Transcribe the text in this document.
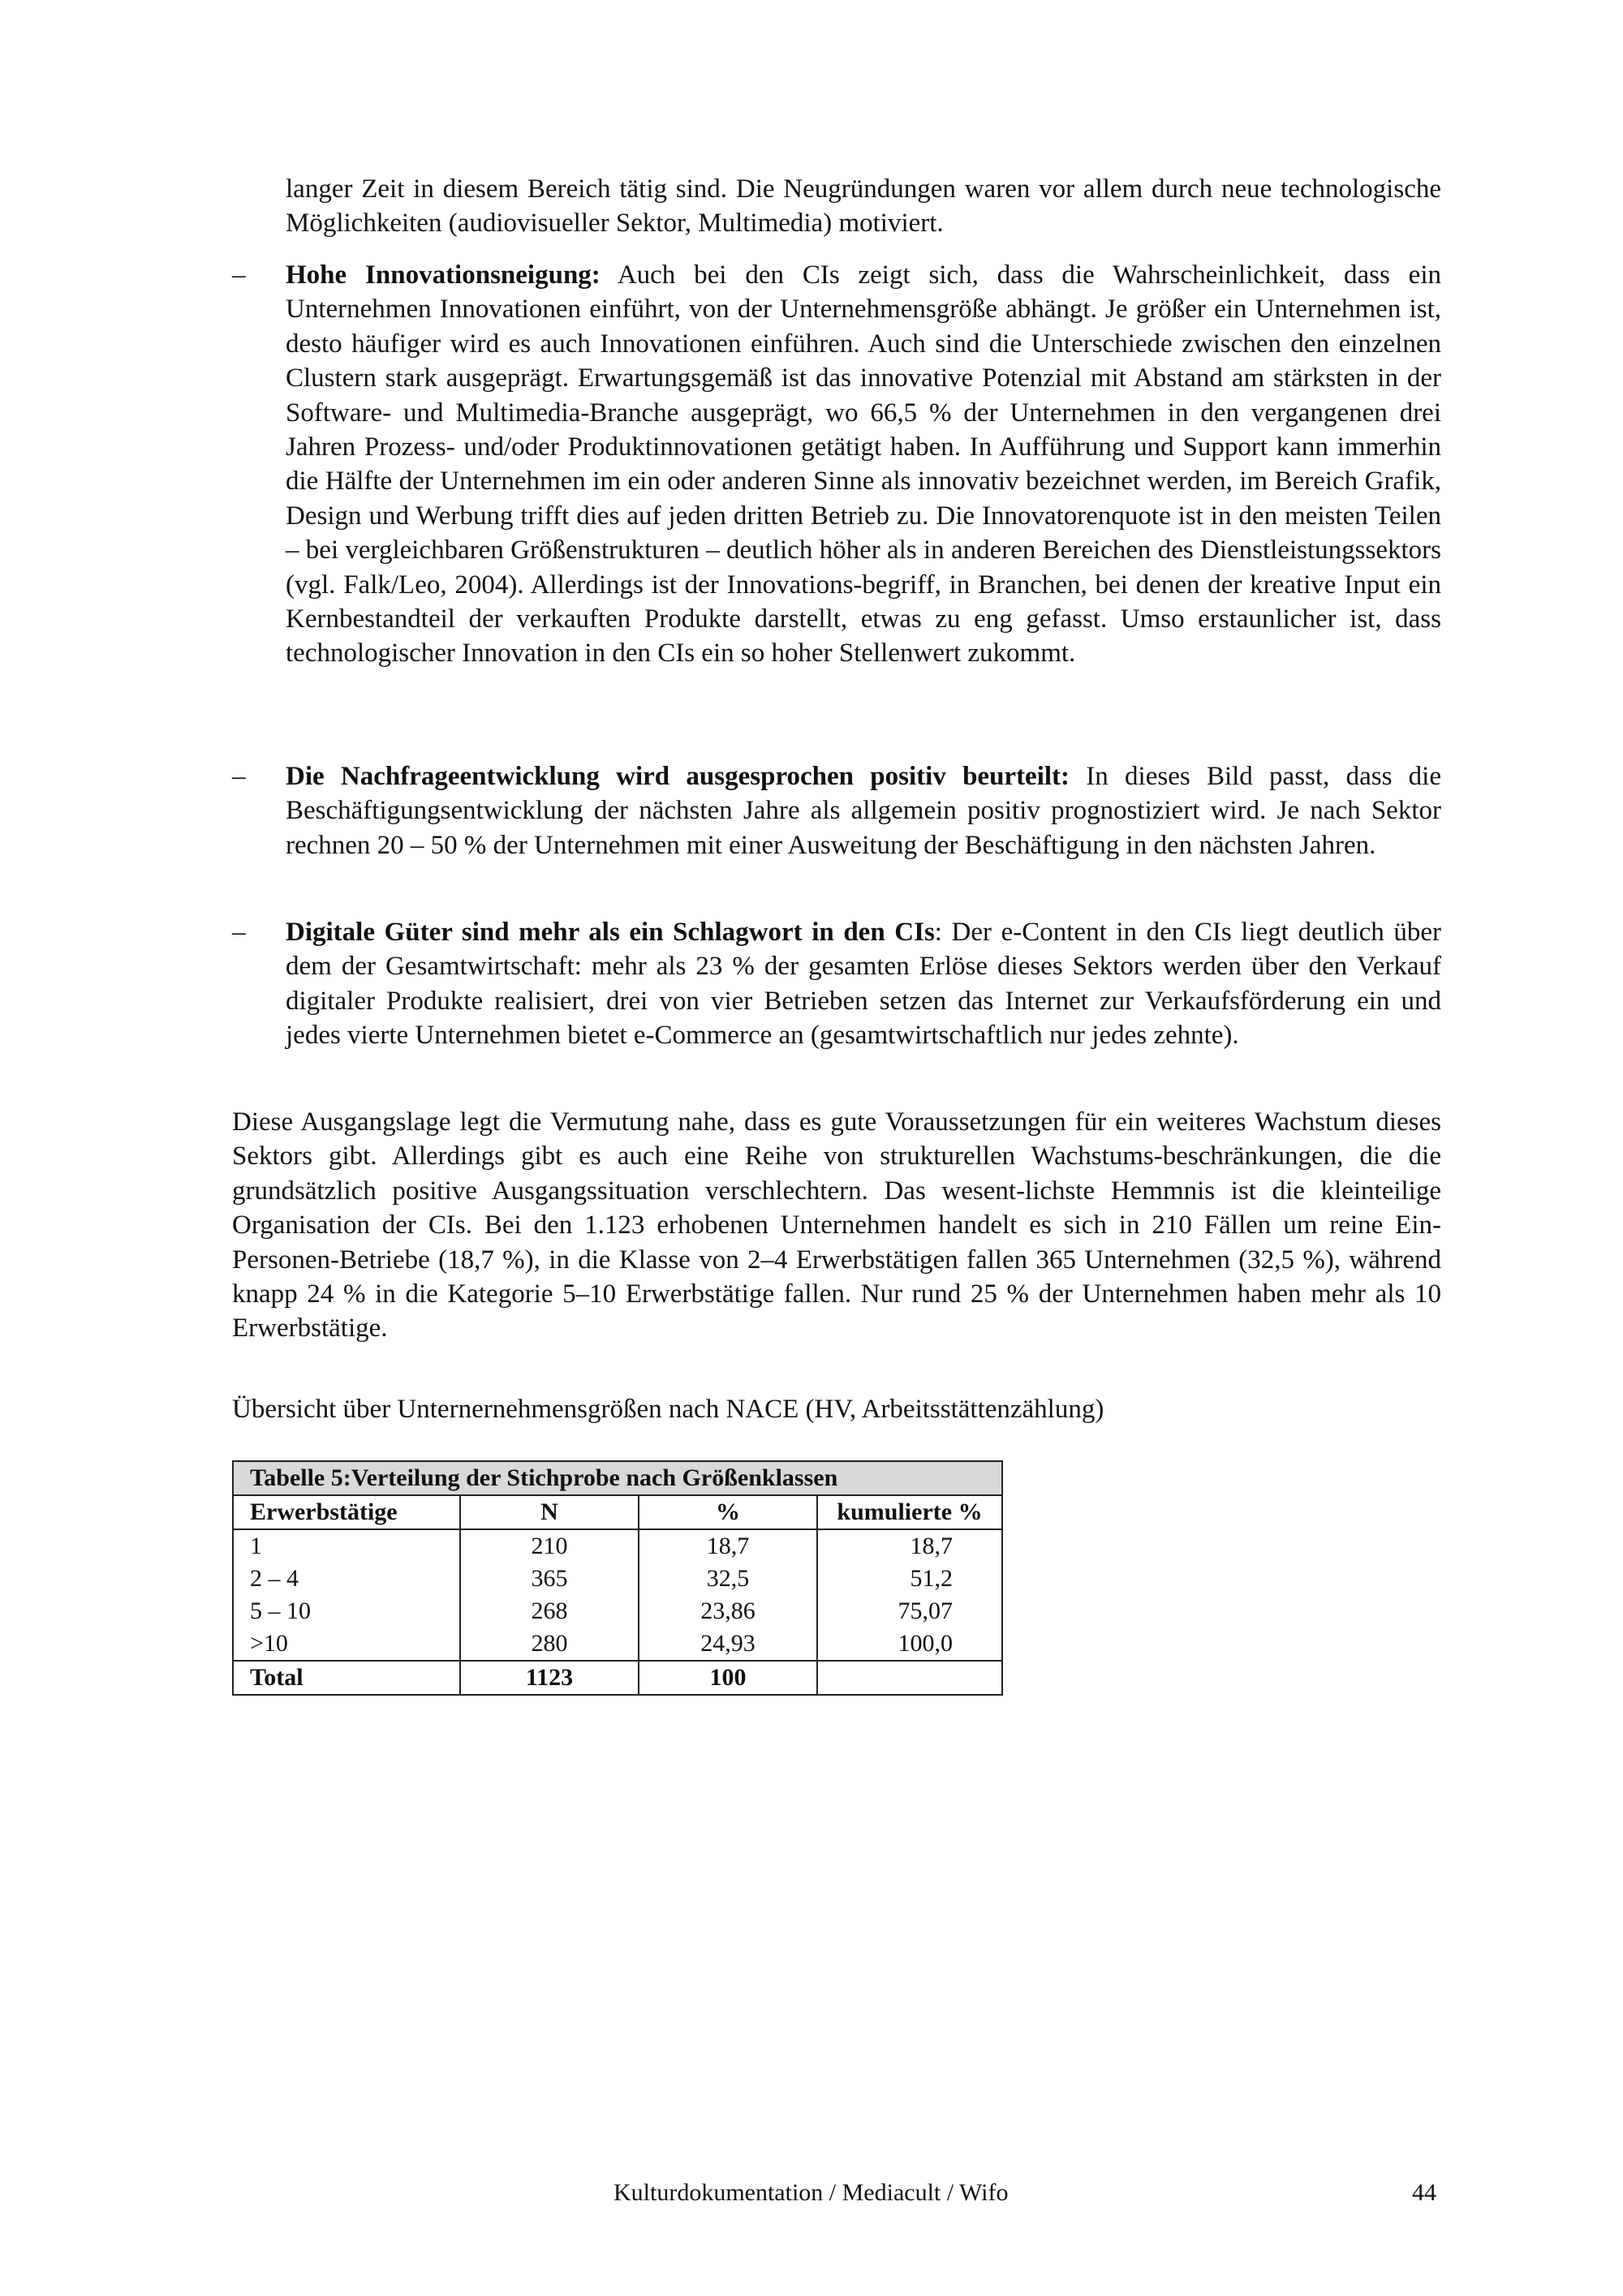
langer Zeit in diesem Bereich tätig sind. Die Neugründungen waren vor allem durch neue technologische Möglichkeiten (audiovisueller Sektor, Multimedia) motiviert.
–	Hohe Innovationsneigung: Auch bei den CIs zeigt sich, dass die Wahrscheinlichkeit, dass ein Unternehmen Innovationen einführt, von der Unternehmensgröße abhängt. Je größer ein Unternehmen ist, desto häufiger wird es auch Innovationen einführen. Auch sind die Unterschiede zwischen den einzelnen Clustern stark ausgeprägt. Erwartungsgemäß ist das innovative Potenzial mit Abstand am stärksten in der Software- und Multimedia-Branche ausgeprägt, wo 66,5 % der Unternehmen in den vergangenen drei Jahren Prozess- und/oder Produktinnovationen getätigt haben. In Aufführung und Support kann immerhin die Hälfte der Unternehmen im ein oder anderen Sinne als innovativ bezeichnet werden, im Bereich Grafik, Design und Werbung trifft dies auf jeden dritten Betrieb zu. Die Innovatorenquote ist in den meisten Teilen – bei vergleichbaren Größenstrukturen – deutlich höher als in anderen Bereichen des Dienstleistungssektors (vgl. Falk/Leo, 2004). Allerdings ist der Innovations-begriff, in Branchen, bei denen der kreative Input ein Kernbestandteil der verkauften Produkte darstellt, etwas zu eng gefasst. Umso erstaunlicher ist, dass technologischer Innovation in den CIs ein so hoher Stellenwert zukommt.
–	Die Nachfrageentwicklung wird ausgesprochen positiv beurteilt: In dieses Bild passt, dass die Beschäftigungsentwicklung der nächsten Jahre als allgemein positiv prognostiziert wird. Je nach Sektor rechnen 20 – 50 % der Unternehmen mit einer Ausweitung der Beschäftigung in den nächsten Jahren.
–	Digitale Güter sind mehr als ein Schlagwort in den CIs: Der e-Content in den CIs liegt deutlich über dem der Gesamtwirtschaft: mehr als 23 % der gesamten Erlöse dieses Sektors werden über den Verkauf digitaler Produkte realisiert, drei von vier Betrieben setzen das Internet zur Verkaufsförderung ein und jedes vierte Unternehmen bietet e-Commerce an (gesamtwirtschaftlich nur jedes zehnte).
Diese Ausgangslage legt die Vermutung nahe, dass es gute Voraussetzungen für ein weiteres Wachstum dieses Sektors gibt. Allerdings gibt es auch eine Reihe von strukturellen Wachstums-beschränkungen, die die grundsätzlich positive Ausgangssituation verschlechtern. Das wesent-lichste Hemmnis ist die kleinteilige Organisation der CIs. Bei den 1.123 erhobenen Unternehmen handelt es sich in 210 Fällen um reine Ein-Personen-Betriebe (18,7 %), in die Klasse von 2–4 Erwerbstätigen fallen 365 Unternehmen (32,5 %), während knapp 24 % in die Kategorie 5–10 Erwerbstätige fallen. Nur rund 25 % der Unternehmen haben mehr als 10 Erwerbstätige.
Übersicht über Unternernehmensgrößen nach NACE (HV, Arbeitsstättenzählung)
Tabelle 5:Verteilung der Stichprobe nach Größenklassen			
Erwerbstätige	N	%	kumulierte %
1	210	18,7	18,7
2 – 4	365	32,5	51,2
5 – 10	268	23,86	75,07
>10	280	24,93	100,0
Total	1123	100	
Kulturdokumentation / Mediacult / Wifo	44
